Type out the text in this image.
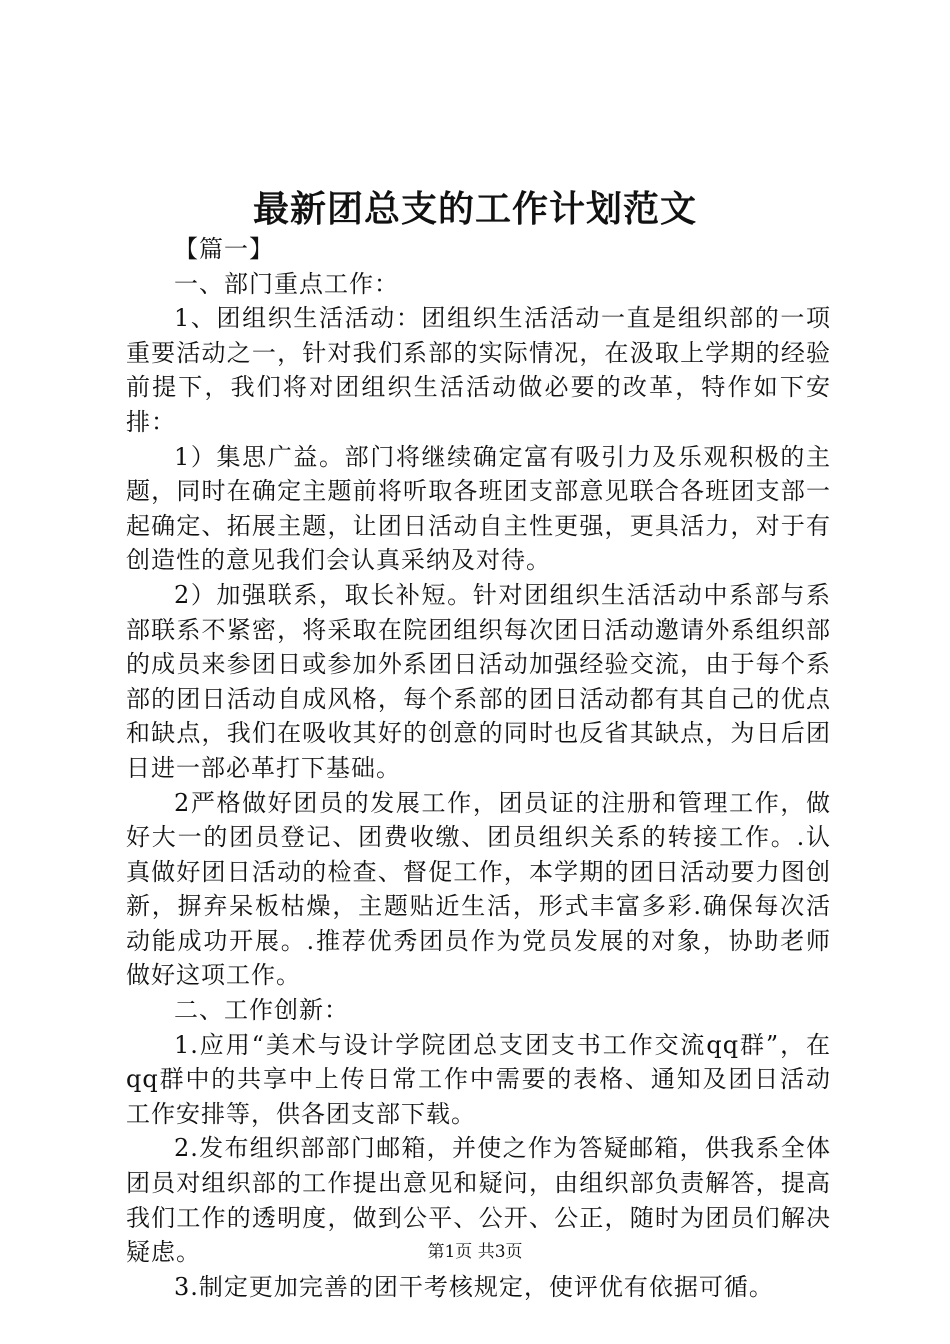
最新团总支的工作计划范文

【篇一】

一、部门重点工作：

1、团组织生活活动：团组织生活活动一直是组织部的一项重要活动之一，针对我们系部的实际情况，在汲取上学期的经验前提下，我们将对团组织生活活动做必要的改革，特作如下安排：

1）集思广益。部门将继续确定富有吸引力及乐观积极的主题，同时在确定主题前将听取各班团支部意见联合各班团支部一起确定、拓展主题，让团日活动自主性更强，更具活力，对于有创造性的意见我们会认真采纳及对待。

2）加强联系，取长补短。针对团组织生活活动中系部与系部联系不紧密，将采取在院团组织每次团日活动邀请外系组织部的成员来参团日或参加外系团日活动加强经验交流，由于每个系部的团日活动自成风格，每个系部的团日活动都有其自己的优点和缺点，我们在吸收其好的创意的同时也反省其缺点，为日后团日进一部必革打下基础。

2严格做好团员的发展工作，团员证的注册和管理工作，做好大一的团员登记、团费收缴、团员组织关系的转接工作。.认真做好团日活动的检查、督促工作，本学期的团日活动要力图创新，摒弃呆板枯燥，主题贴近生活，形式丰富多彩.确保每次活动能成功开展。.推荐优秀团员作为党员发展的对象，协助老师做好这项工作。

二、工作创新：

1.应用“美术与设计学院团总支团支书工作交流qq群”，在qq群中的共享中上传日常工作中需要的表格、通知及团日活动工作安排等，供各团支部下载。

2.发布组织部部门邮箱，并使之作为答疑邮箱，供我系全体团员对组织部的工作提出意见和疑问，由组织部负责解答，提高我们工作的透明度，做到公平、公开、公正，随时为团员们解决疑虑。

3.制定更加完善的团干考核规定，使评优有依据可循。

第1页 共3页
